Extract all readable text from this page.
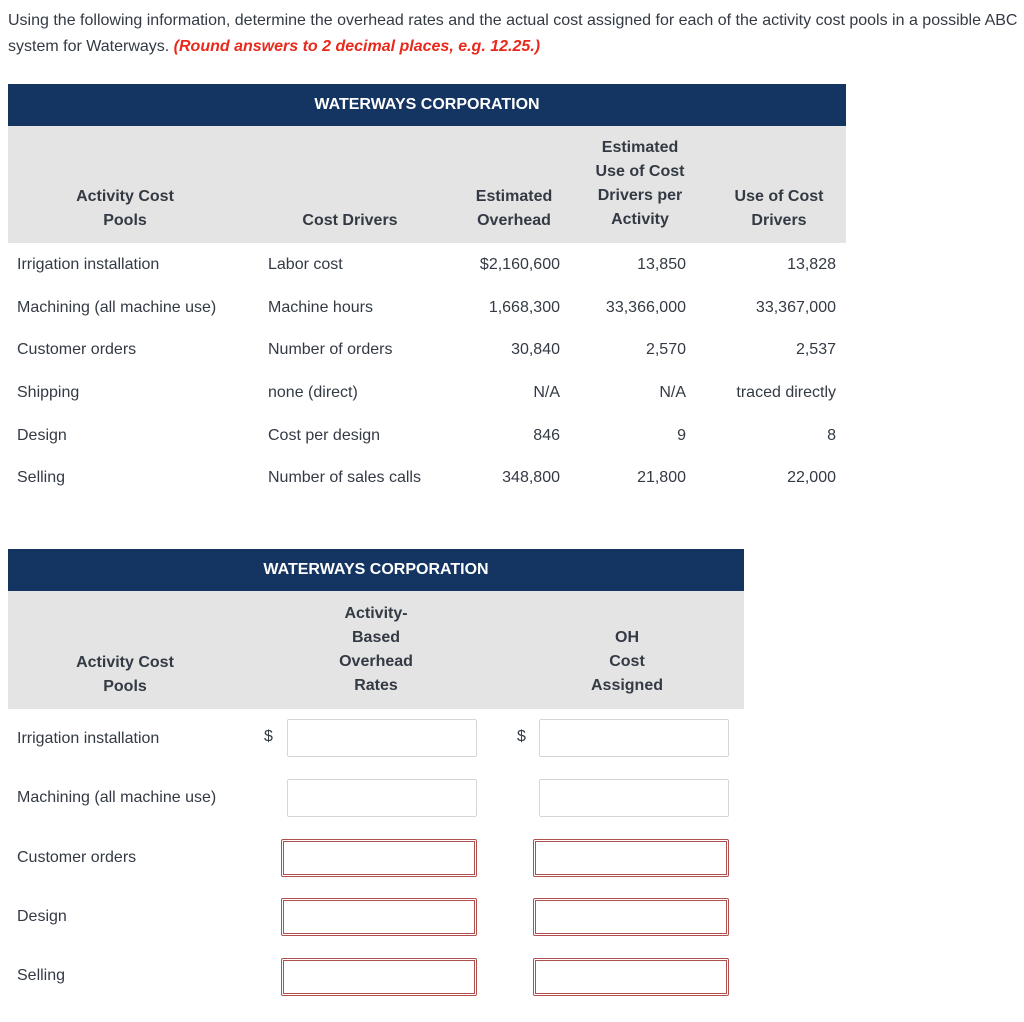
Using the following information, determine the overhead rates and the actual cost assigned for each of the activity cost pools in a possible ABC system for Waterways. (Round answers to 2 decimal places, e.g. 12.25.)
WATERWAYS CORPORATION
Activity Cost
Pools	Cost Drivers
Estimated
Overhead
Estimated
Use of Cost
Drivers per
Activity
Use of Cost
Drivers
Irrigation installation	Labor cost	$2,160,600	13,850	13,828
Machining (all machine use)	Machine hours	1,668,300	33,366,000	33,367,000
Customer orders	Number of orders	30,840	2,570	2,537
Shipping	none (direct)	N/A	N/A	traced directly
Design	Cost per design	846	9	8
Selling	Number of sales calls	348,800	21,800	22,000
WATERWAYS CORPORATION
Activity Cost
Pools
Activity-
Based
Overhead
Rates
OH
Cost
Assigned
Irrigation installation	$	$
Machining (all machine use)
Customer orders
Design
Selling
